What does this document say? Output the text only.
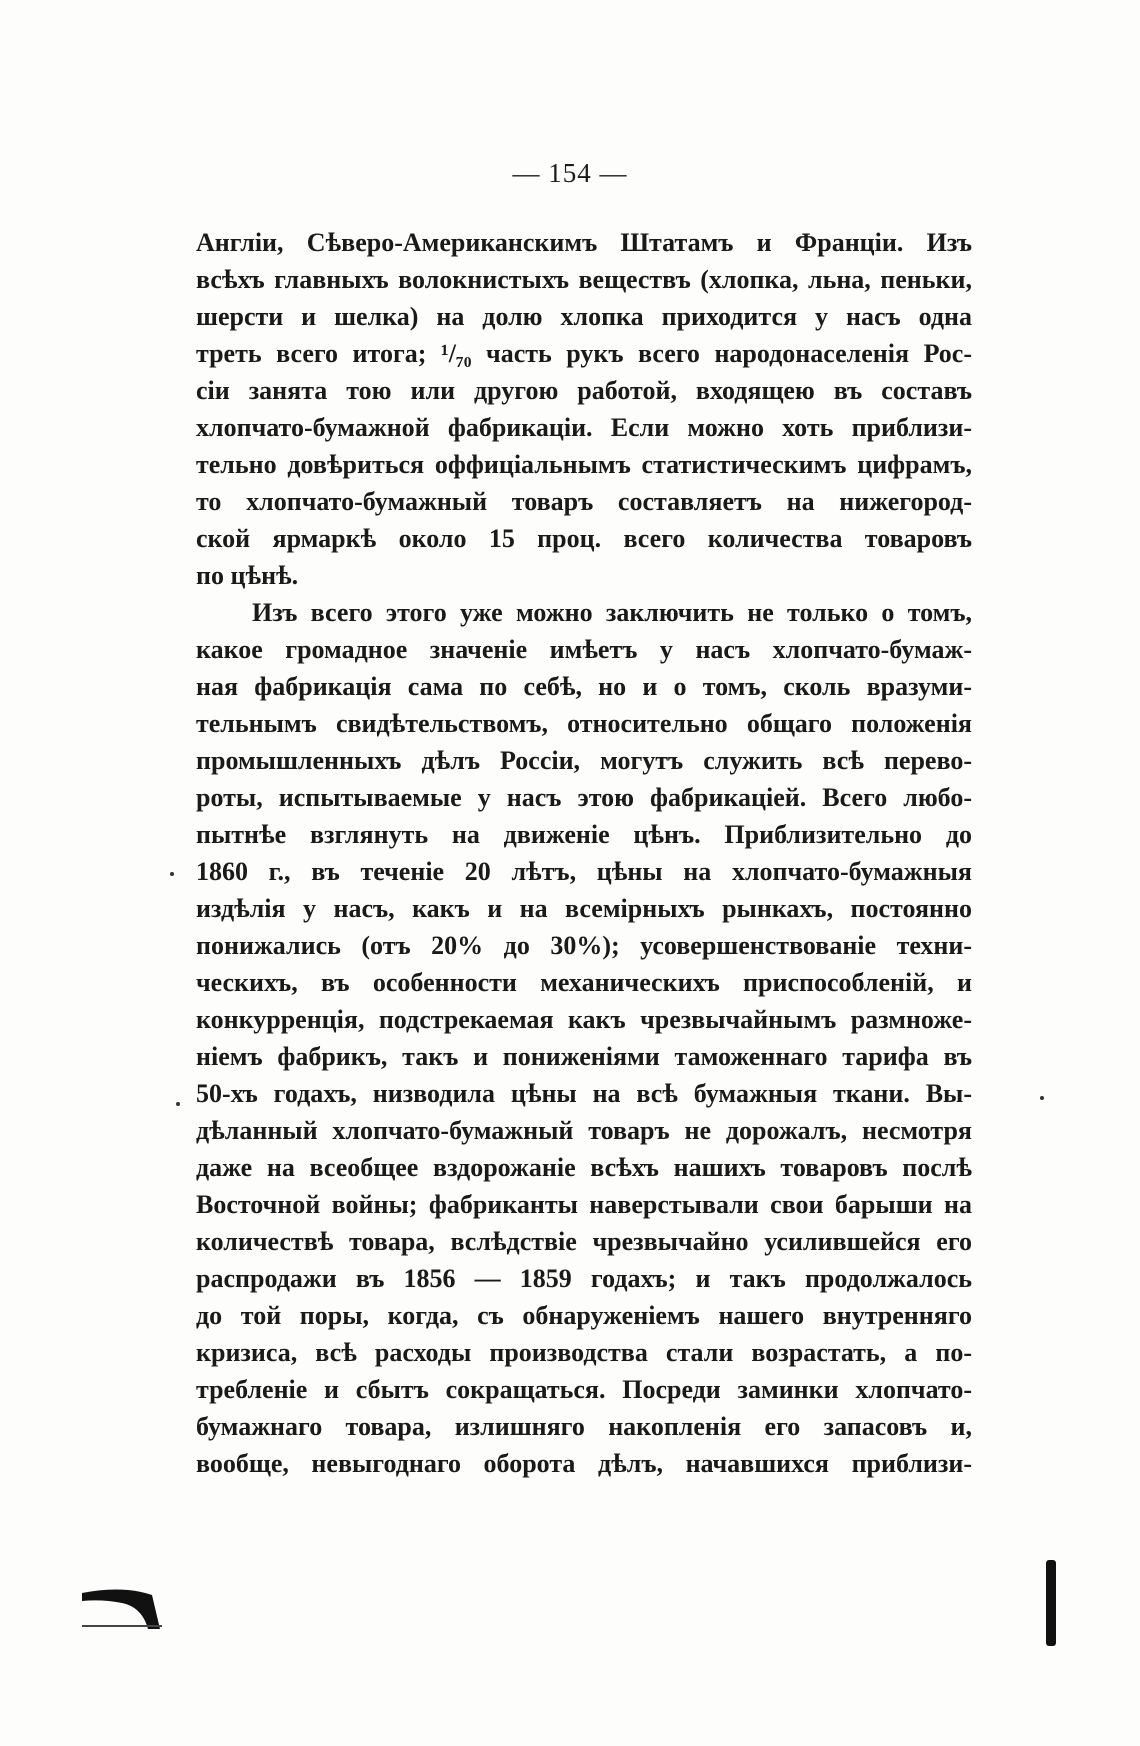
— 154 —

Англіи, Сѣверо-Американскимъ Штатамъ и Франціи. Изъ
всѣхъ главныхъ волокнистыхъ веществъ (хлопка, льна, пеньки,
шерсти и шелка) на долю хлопка приходится у насъ одна
треть всего итога; ¹/₇₀ часть рукъ всего народонаселенія Рос-
сіи занята тою или другою работой, входящею въ составъ
хлопчато-бумажной фабрикаціи. Если можно хоть приблизи-
тельно довѣриться оффиціальнымъ статистическимъ цифрамъ,
то хлопчато-бумажный товаръ составляетъ на нижегород-
ской ярмаркѣ около 15 проц. всего количества товаровъ
по цѣнѣ.

Изъ всего этого уже можно заключить не только о томъ,
какое громадное значеніе имѣетъ у насъ хлопчато-бумаж-
ная фабрикація сама по себѣ, но и о томъ, сколь вразуми-
тельнымъ свидѣтельствомъ, относительно общаго положенія
промышленныхъ дѣлъ Россіи, могутъ служить всѣ перево-
роты, испытываемые у насъ этою фабрикаціей. Всего любо-
пытнѣе взглянуть на движеніе цѣнъ. Приблизительно до
1860 г., въ теченіе 20 лѣтъ, цѣны на хлопчато-бумажныя
издѣлія у насъ, какъ и на всемірныхъ рынкахъ, постоянно
понижались (отъ 20% до 30%); усовершенствованіе техни-
ческихъ, въ особенности механическихъ приспособленій, и
конкурренція, подстрекаемая какъ чрезвычайнымъ размноже-
ніемъ фабрикъ, такъ и пониженіями таможеннаго тарифа въ
50-хъ годахъ, низводила цѣны на всѣ бумажныя ткани. Вы-
дѣланный хлопчато-бумажный товаръ не дорожалъ, несмотря
даже на всеобщее вздорожаніе всѣхъ нашихъ товаровъ послѣ
Восточной войны; фабриканты наверстывали свои барыши на
количествѣ товара, вслѣдствіе чрезвычайно усилившейся его
распродажи въ 1856 — 1859 годахъ; и такъ продолжалось
до той поры, когда, съ обнаруженіемъ нашего внутренняго
кризиса, всѣ расходы производства стали возрастать, а по-
требленіе и сбытъ сокращаться. Посреди заминки хлопчато-
бумажнаго товара, излишняго накопленія его запасовъ и,
вообще, невыгоднаго оборота дѣлъ, начавшихся приблизи-
